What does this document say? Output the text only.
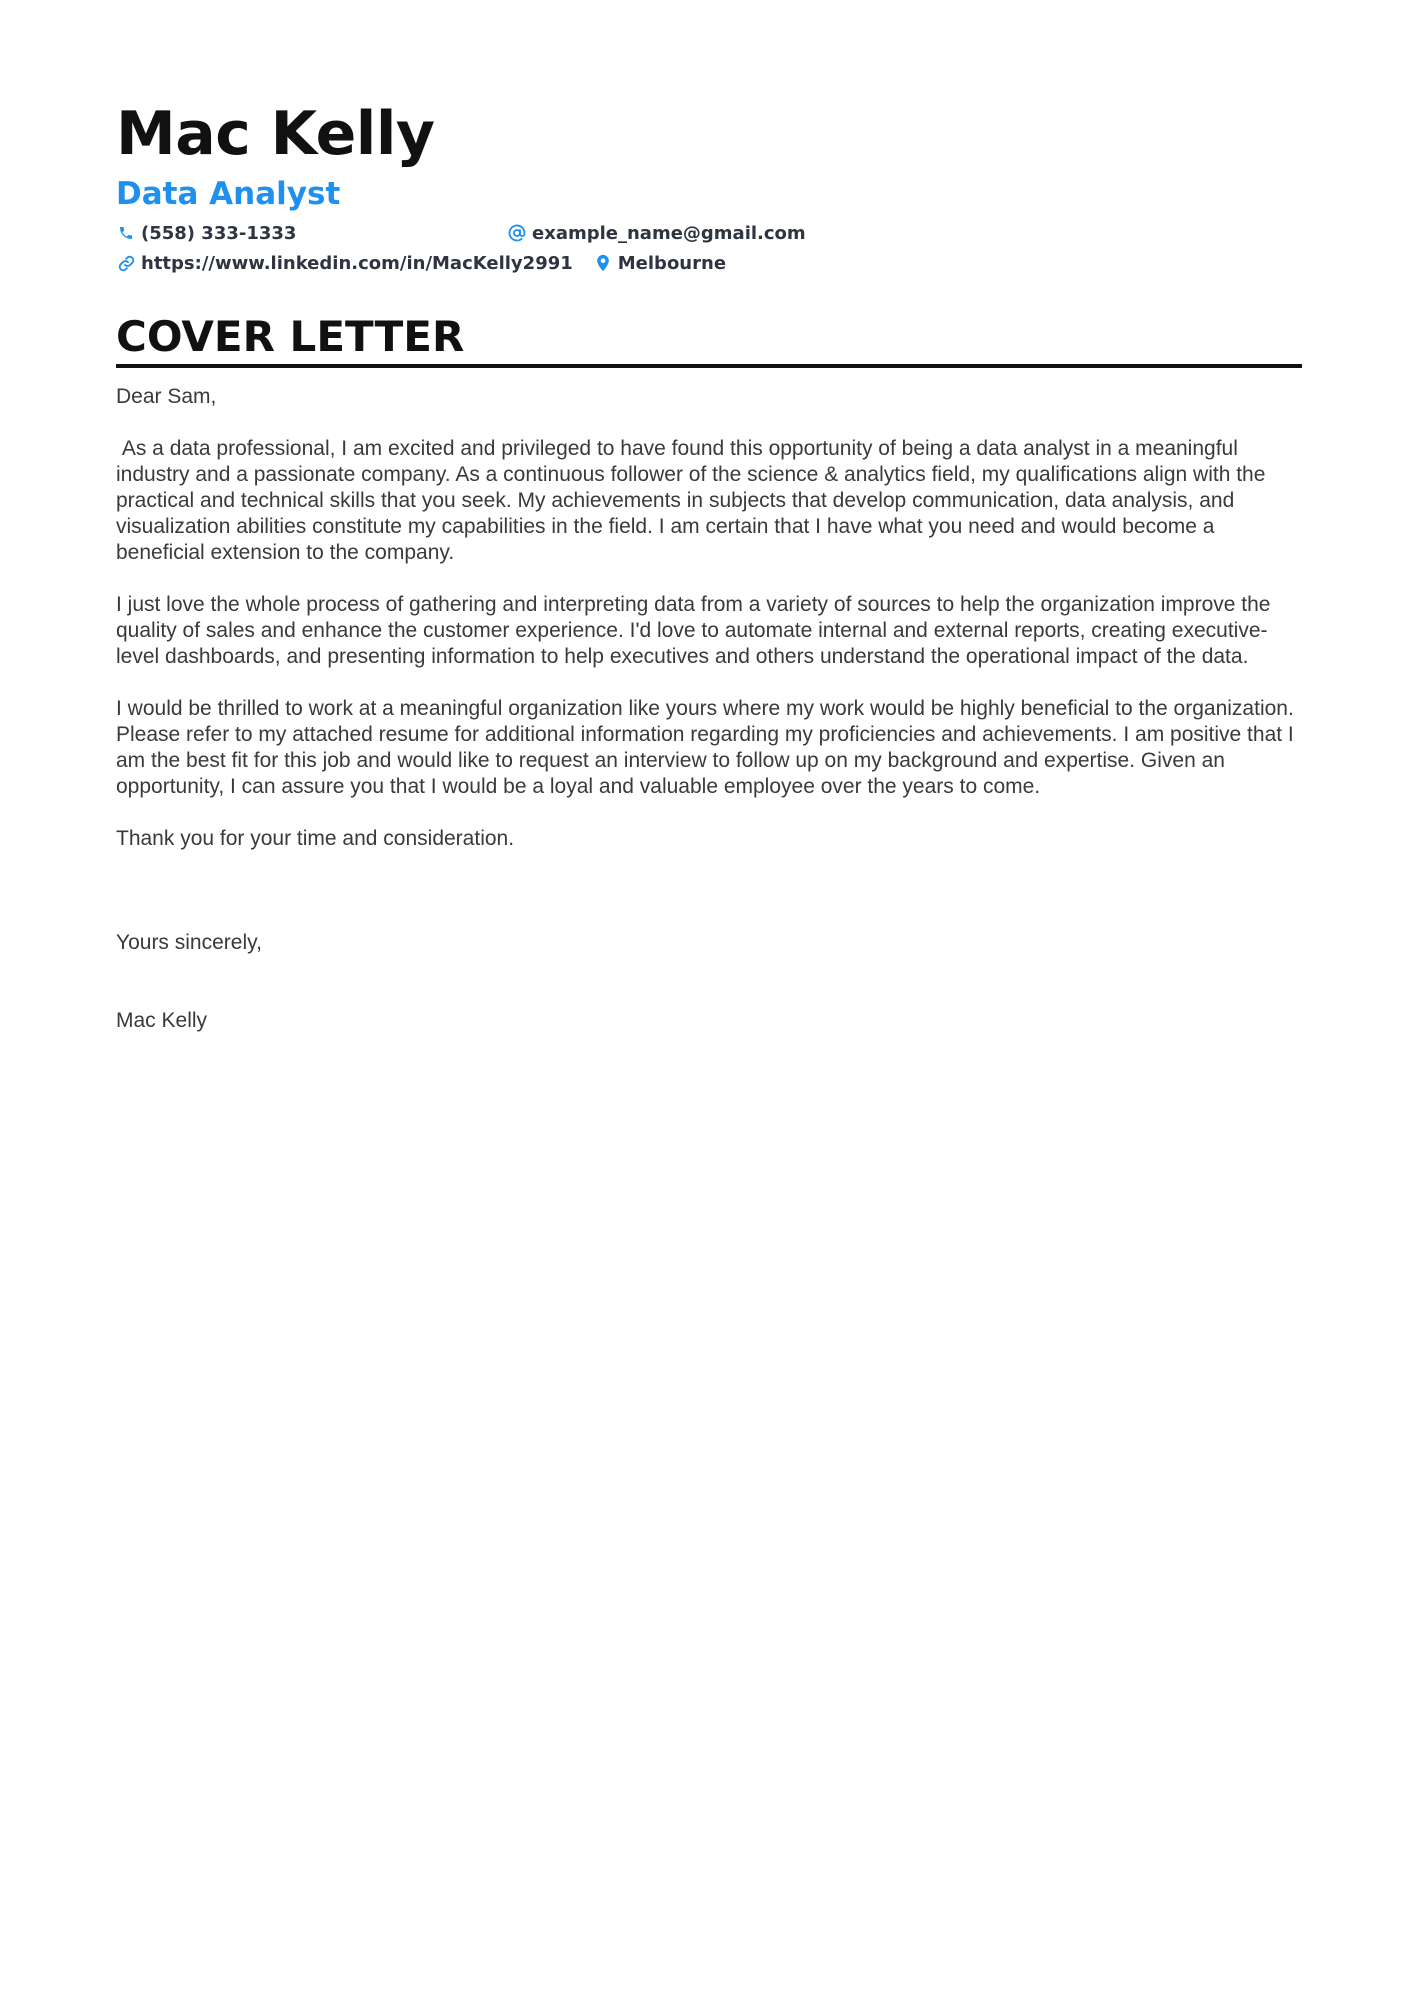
Mac Kelly
Data Analyst
(558) 333-1333	example_name@gmail.com
https://www.linkedin.com/in/MacKelly2991	Melbourne
COVER LETTER

Dear Sam,

As a data professional, I am excited and privileged to have found this opportunity of being a data analyst in a meaningful industry and a passionate company. As a continuous follower of the science & analytics field, my qualifications align with the practical and technical skills that you seek. My achievements in subjects that develop communication, data analysis, and visualization abilities constitute my capabilities in the field. I am certain that I have what you need and would become a beneficial extension to the company.

I just love the whole process of gathering and interpreting data from a variety of sources to help the organization improve the quality of sales and enhance the customer experience. I'd love to automate internal and external reports, creating executive-level dashboards, and presenting information to help executives and others understand the operational impact of the data.

I would be thrilled to work at a meaningful organization like yours where my work would be highly beneficial to the organization. Please refer to my attached resume for additional information regarding my proficiencies and achievements. I am positive that I am the best fit for this job and would like to request an interview to follow up on my background and expertise. Given an opportunity, I can assure you that I would be a loyal and valuable employee over the years to come.

Thank you for your time and consideration.

Yours sincerely,

Mac Kelly
